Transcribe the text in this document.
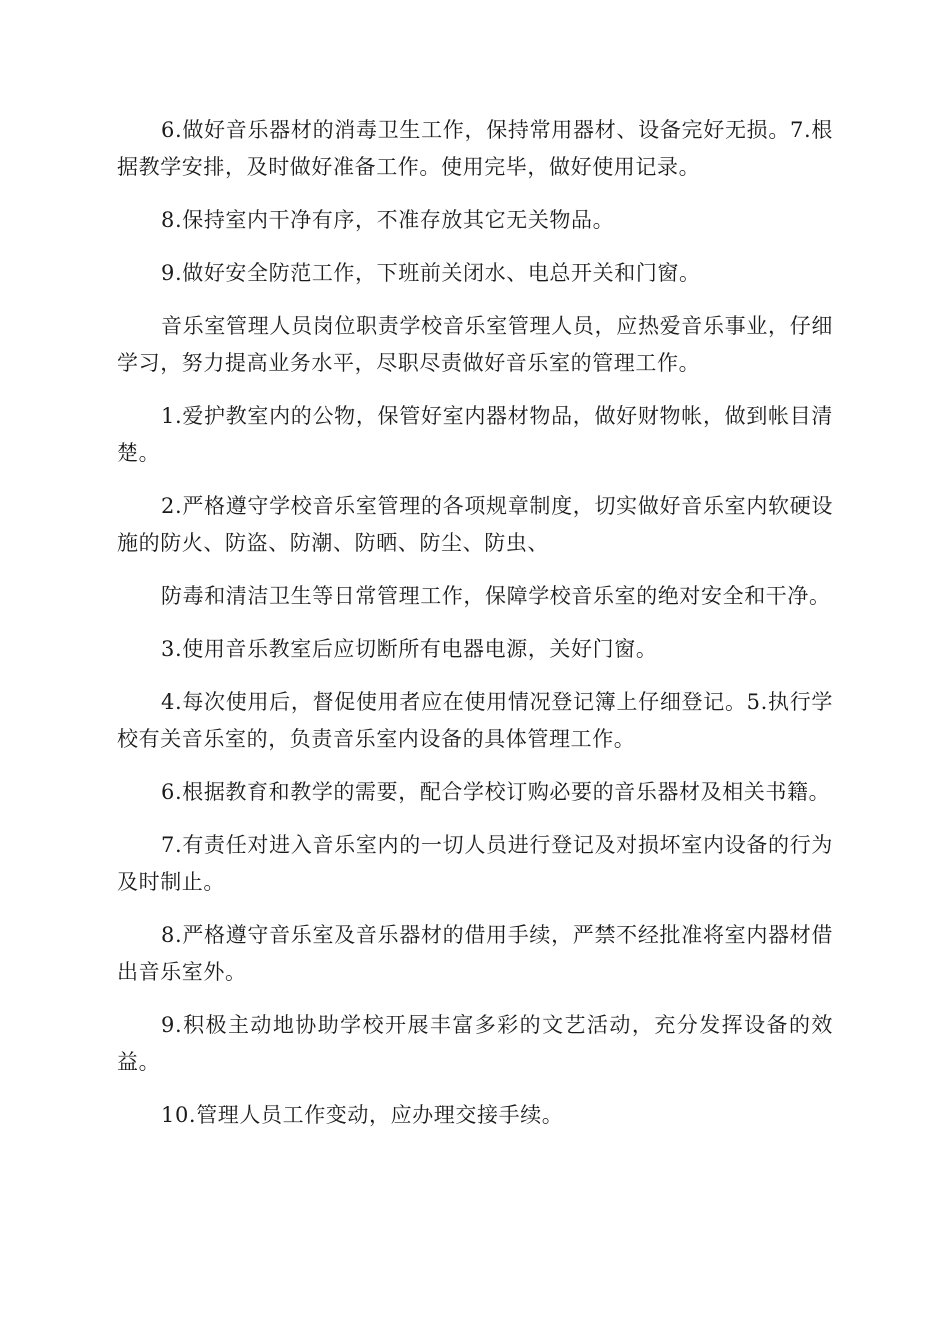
6.做好音乐器材的消毒卫生工作，保持常用器材、设备完好无损。7.根据教学安排，及时做好准备工作。使用完毕，做好使用记录。

8.保持室内干净有序，不准存放其它无关物品。

9.做好安全防范工作，下班前关闭水、电总开关和门窗。

音乐室管理人员岗位职责学校音乐室管理人员，应热爱音乐事业，仔细学习，努力提高业务水平，尽职尽责做好音乐室的管理工作。

1.爱护教室内的公物，保管好室内器材物品，做好财物帐，做到帐目清楚。

2.严格遵守学校音乐室管理的各项规章制度，切实做好音乐室内软硬设施的防火、防盗、防潮、防晒、防尘、防虫、

防毒和清洁卫生等日常管理工作，保障学校音乐室的绝对安全和干净。

3.使用音乐教室后应切断所有电器电源，关好门窗。

4.每次使用后，督促使用者应在使用情况登记簿上仔细登记。5.执行学校有关音乐室的，负责音乐室内设备的具体管理工作。

6.根据教育和教学的需要，配合学校订购必要的音乐器材及相关书籍。

7.有责任对进入音乐室内的一切人员进行登记及对损坏室内设备的行为及时制止。

8.严格遵守音乐室及音乐器材的借用手续，严禁不经批准将室内器材借出音乐室外。

9.积极主动地协助学校开展丰富多彩的文艺活动，充分发挥设备的效益。

10.管理人员工作变动，应办理交接手续。
